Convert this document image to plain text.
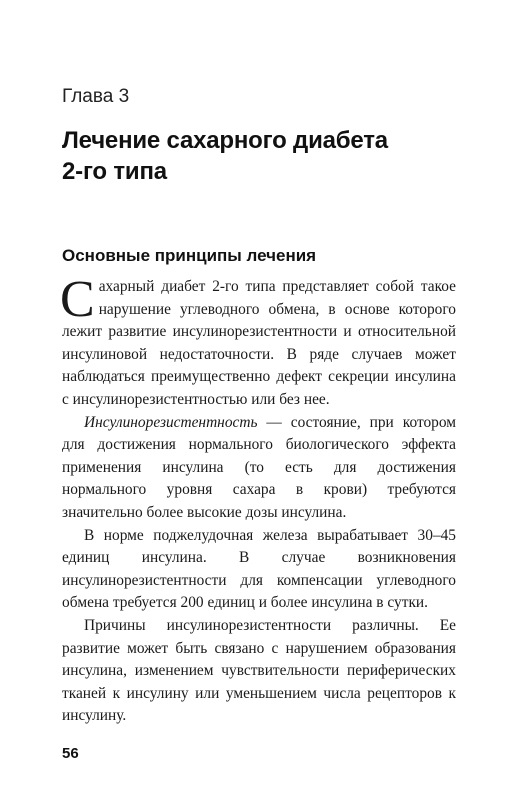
Глава 3
Лечение сахарного диабета
2-го типа
Основные принципы лечения

Сахарный диабет 2-го типа представляет собой такое нарушение углеводного обмена, в основе которого лежит развитие инсулинорезистентности и относительной инсулиновой недостаточности. В ряде случаев может наблюдаться преимущественно дефект секреции инсулина с инсулинорезистентностью или без нее.

Инсулинорезистентность — состояние, при котором для достижения нормального биологического эффекта применения инсулина (то есть для достижения нормального уровня сахара в крови) требуются значительно более высокие дозы инсулина.

В норме поджелудочная железа вырабатывает 30–45 единиц инсулина. В случае возникновения инсулинорезистентности для компенсации углеводного обмена требуется 200 единиц и более инсулина в сутки.

Причины инсулинорезистентности различны. Ее развитие может быть связано с нарушением образования инсулина, изменением чувствительности периферических тканей к инсулину или уменьшением числа рецепторов к инсулину.

56
